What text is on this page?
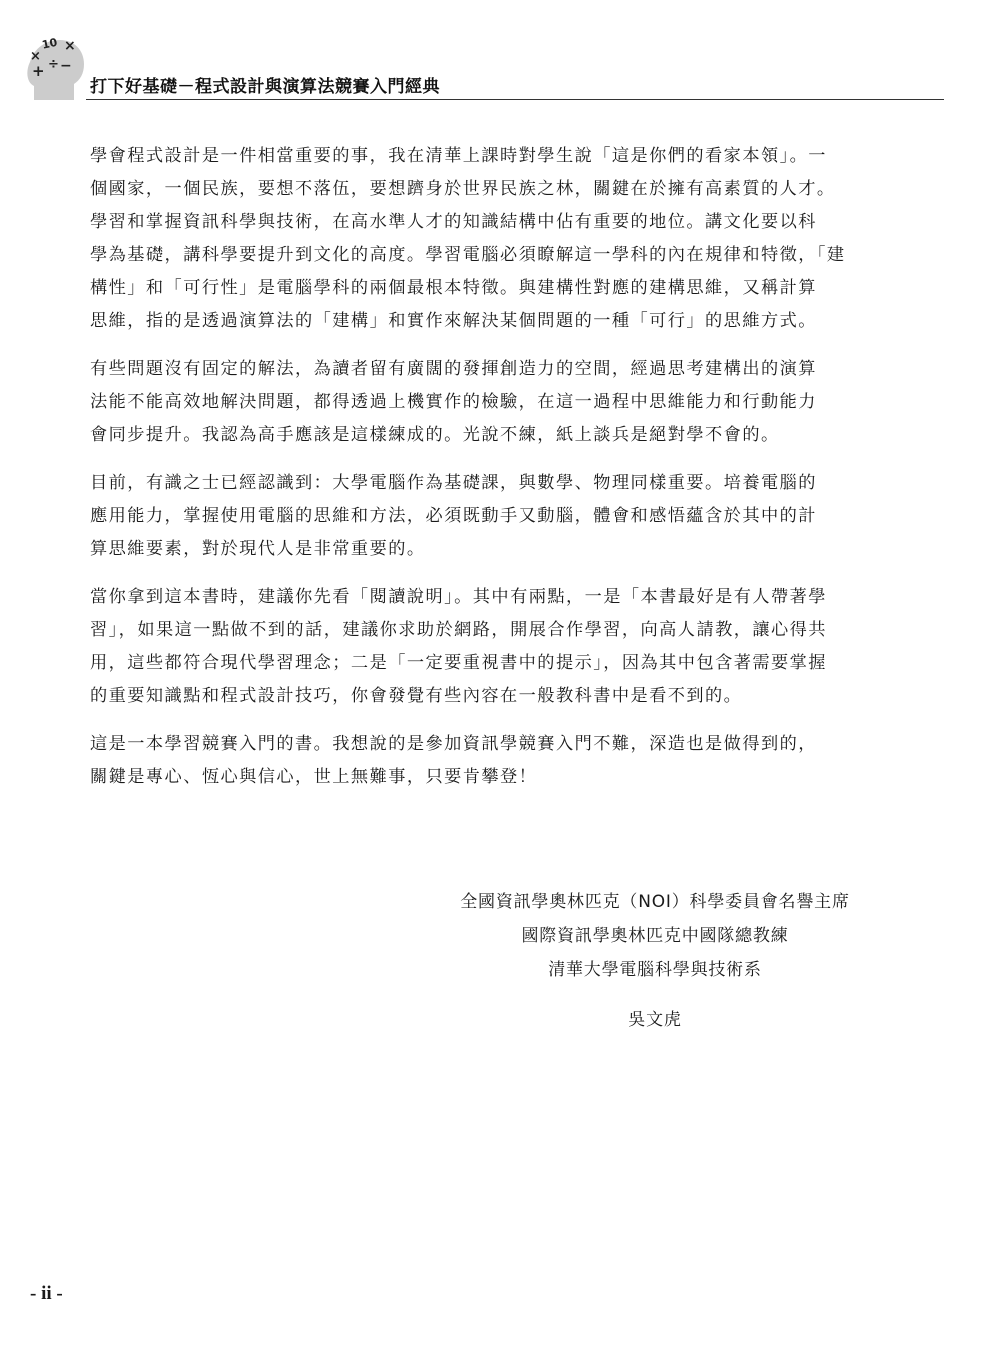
×
10 ×
+ ÷ −
打下好基礎－程式設計與演算法競賽入門經典

學會程式設計是一件相當重要的事，我在清華上課時對學生說「這是你們的看家本領」。一
個國家，一個民族，要想不落伍，要想躋身於世界民族之林，關鍵在於擁有高素質的人才。
學習和掌握資訊科學與技術，在高水準人才的知識結構中佔有重要的地位。講文化要以科
學為基礎，講科學要提升到文化的高度。學習電腦必須瞭解這一學科的內在規律和特徵，「建
構性」和「可行性」是電腦學科的兩個最根本特徵。與建構性對應的建構思維，又稱計算
思維，指的是透過演算法的「建構」和實作來解決某個問題的一種「可行」的思維方式。

有些問題沒有固定的解法，為讀者留有廣闊的發揮創造力的空間，經過思考建構出的演算
法能不能高效地解決問題，都得透過上機實作的檢驗，在這一過程中思維能力和行動能力
會同步提升。我認為高手應該是這樣練成的。光說不練，紙上談兵是絕對學不會的。

目前，有識之士已經認識到：大學電腦作為基礎課，與數學、物理同樣重要。培養電腦的
應用能力，掌握使用電腦的思維和方法，必須既動手又動腦，體會和感悟蘊含於其中的計
算思維要素，對於現代人是非常重要的。

當你拿到這本書時，建議你先看「閱讀說明」。其中有兩點，一是「本書最好是有人帶著學
習」，如果這一點做不到的話，建議你求助於網路，開展合作學習，向高人請教，讓心得共
用，這些都符合現代學習理念；二是「一定要重視書中的提示」，因為其中包含著需要掌握
的重要知識點和程式設計技巧，你會發覺有些內容在一般教科書中是看不到的。

這是一本學習競賽入門的書。我想說的是參加資訊學競賽入門不難，深造也是做得到的，
關鍵是專心、恆心與信心，世上無難事，只要肯攀登！

全國資訊學奧林匹克（NOI）科學委員會名譽主席
國際資訊學奧林匹克中國隊總教練
清華大學電腦科學與技術系
吳文虎
- ii -
